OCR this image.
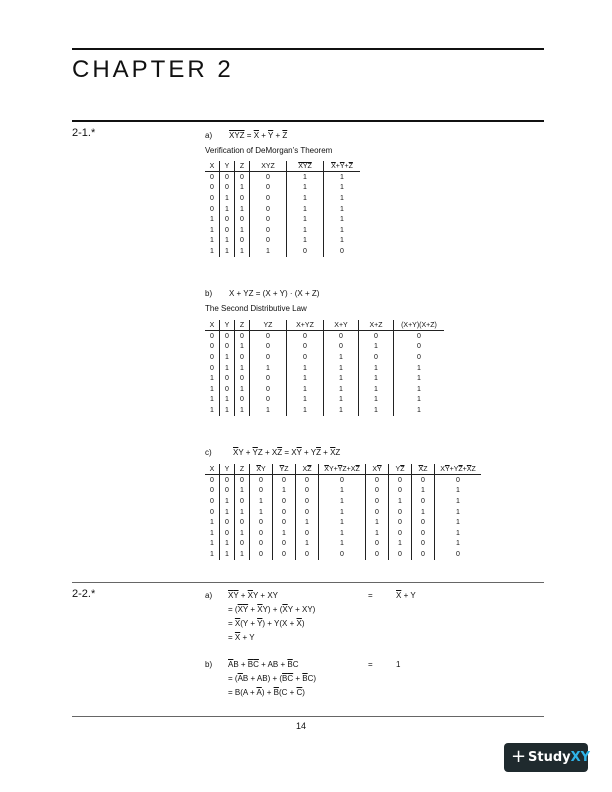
CHAPTER 2
2-1.*	a) $\overline{XYZ} = \overline{X} + \overline{Y} + \overline{Z}$
Verification of DeMorgan’s Theorem
X	Y	Z	XYZ	$\overline{XYZ}$	$\overline{X}+\overline{Y}+\overline{Z}$
0	0	0	0	1	1
0	0	1	0	1	1
0	1	0	0	1	1
0	1	1	0	1	1
1	0	0	0	1	1
1	0	1	0	1	1
1	1	0	0	1	1
1	1	1	1	0	0
b) X + YZ = (X + Y) · (X + Z)
The Second Distributive Law
X	Y	Z	YZ	X+YZ	X+Y	X+Z	(X+Y)(X+Z)
0	0	0	0	0	0	0	0
0	0	1	0	0	0	1	0
0	1	0	0	0	1	0	0
0	1	1	1	1	1	1	1
1	0	0	0	1	1	1	1
1	0	1	0	1	1	1	1
1	1	0	0	1	1	1	1
1	1	1	1	1	1	1	1
c)	$\overline{X}Y + \overline{Y}Z + X\overline{Z} = X\overline{Y} + Y\overline{Z} + \overline{X}Z$
X	Y	Z	$\overline{X}Y$	$\overline{Y}Z$	$X\overline{Z}$	$\overline{X}Y+\overline{Y}Z+X\overline{Z}$	$X\overline{Y}$	$Y\overline{Z}$	$\overline{X}Z$	$X\overline{Y}+Y\overline{Z}+\overline{X}Z$
0	0	0	0	0	0	0	0	0	0	0
0	0	1	0	1	0	1	0	0	1	1
0	1	0	1	0	0	1	0	1	0	1
0	1	1	1	0	0	1	0	0	1	1
1	0	0	0	0	1	1	1	0	0	1
1	0	1	0	1	0	1	1	0	0	1
1	1	0	0	0	1	1	0	1	0	1
1	1	1	0	0	0	0	0	0	0	0
2-2.*	a) $\overline{X}\overline{Y} + \overline{X}Y$ + XY	=	$\overline{X} + Y$
= $(\overline{X}\overline{Y} + \overline{X}Y) + (\overline{X}Y + XY)$
= $\overline{X}(Y + \overline{Y}) + Y(X + \overline{X})$
= $\overline{X} + Y$
b) $\overline{A}B + \overline{B}\overline{C}$ + AB + $\overline{B}C$	=	1
= $(\overline{A}B + AB) + (\overline{B}\overline{C} + \overline{B}C)$
= $B(A + \overline{A}) + \overline{B}(C + \overline{C})$
14
+ StudyXY
